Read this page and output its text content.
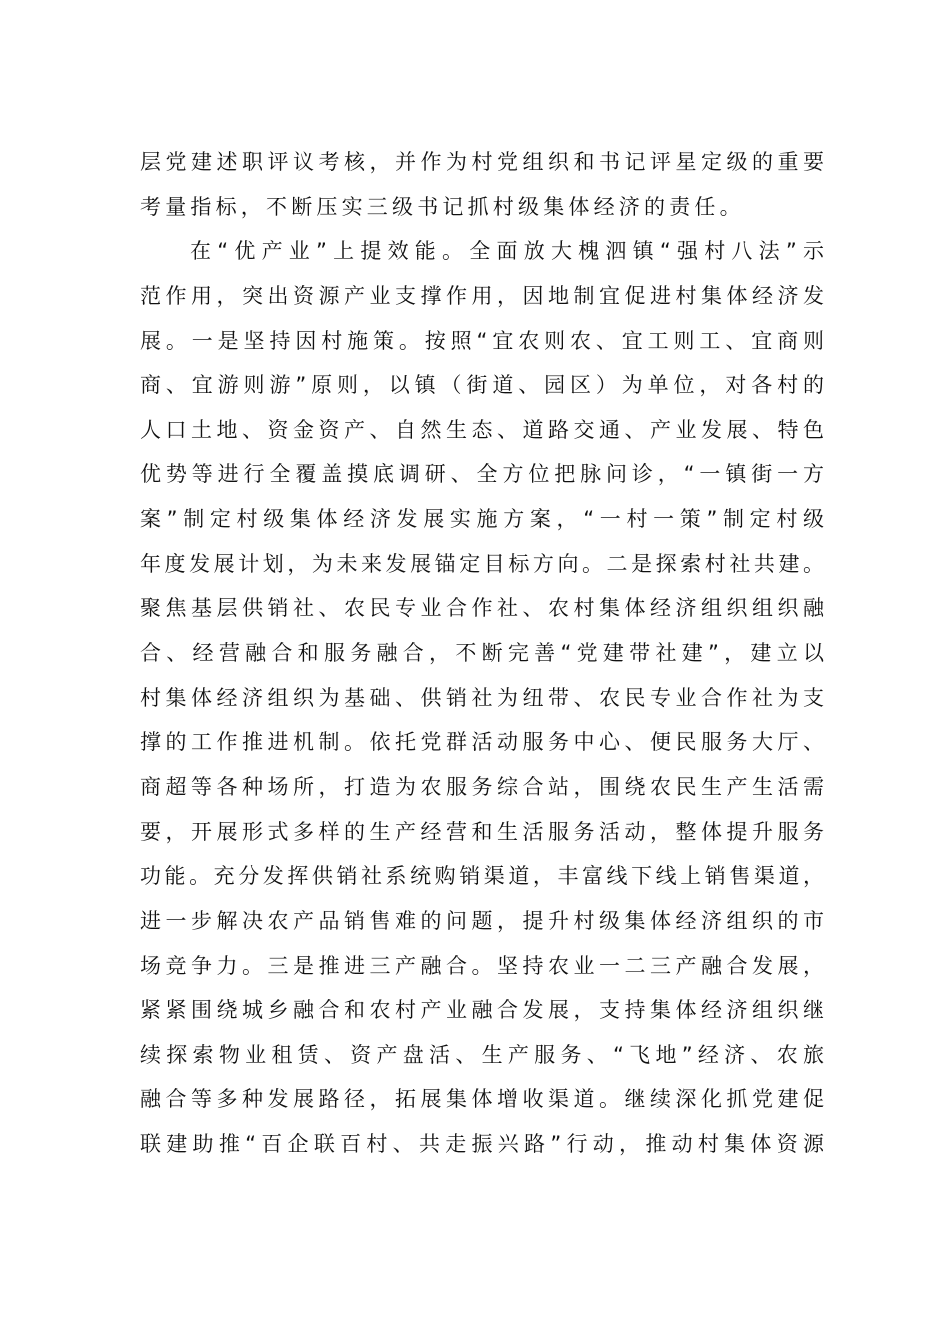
层党建述职评议考核，并作为村党组织和书记评星定级的重要
考量指标，不断压实三级书记抓村级集体经济的责任。
在“优产业”上提效能。全面放大槐泗镇“强村八法”示
范作用，突出资源产业支撑作用，因地制宜促进村集体经济发
展。一是坚持因村施策。按照“宜农则农、宜工则工、宜商则
商、宜游则游”原则，以镇（街道、园区）为单位，对各村的
人口土地、资金资产、自然生态、道路交通、产业发展、特色
优势等进行全覆盖摸底调研、全方位把脉问诊，“一镇街一方
案”制定村级集体经济发展实施方案，“一村一策”制定村级
年度发展计划，为未来发展锚定目标方向。二是探索村社共建。
聚焦基层供销社、农民专业合作社、农村集体经济组织组织融
合、经营融合和服务融合，不断完善“党建带社建”，建立以
村集体经济组织为基础、供销社为纽带、农民专业合作社为支
撑的工作推进机制。依托党群活动服务中心、便民服务大厅、
商超等各种场所，打造为农服务综合站，围绕农民生产生活需
要，开展形式多样的生产经营和生活服务活动，整体提升服务
功能。充分发挥供销社系统购销渠道，丰富线下线上销售渠道，
进一步解决农产品销售难的问题，提升村级集体经济组织的市
场竞争力。三是推进三产融合。坚持农业一二三产融合发展，
紧紧围绕城乡融合和农村产业融合发展，支持集体经济组织继
续探索物业租赁、资产盘活、生产服务、“飞地”经济、农旅
融合等多种发展路径，拓展集体增收渠道。继续深化抓党建促
联建助推“百企联百村、共走振兴路”行动，推动村集体资源
